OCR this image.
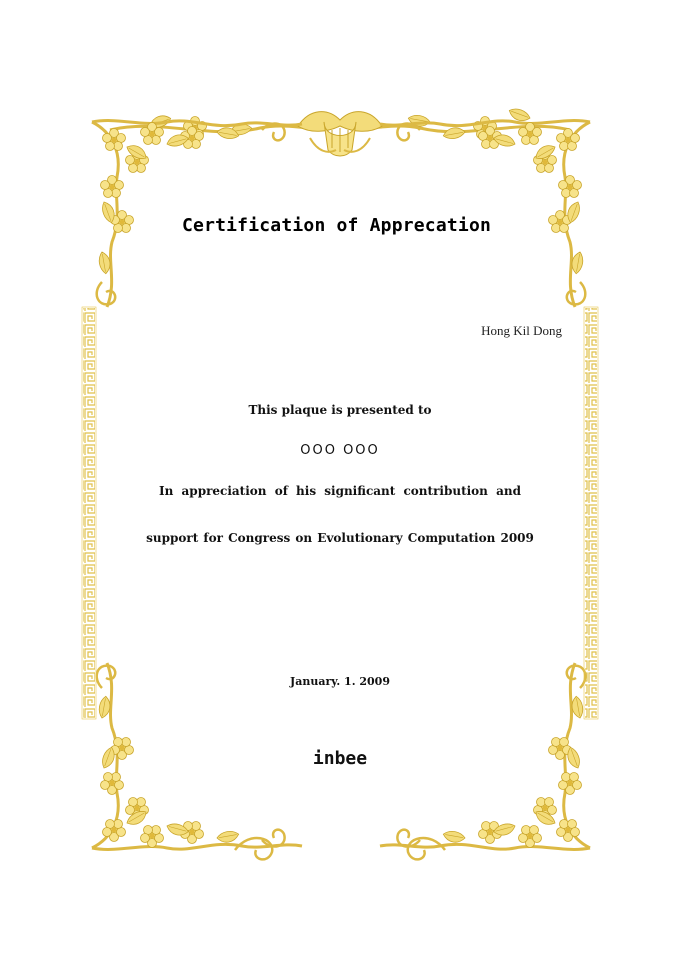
Certification of Apprecation
Hong Kil Dong
This plaque is presented to
OOO OOO
In appreciation of his significant contribution and
support for Congress on Evolutionary Computation 2009
January. 1. 2009
inbee
